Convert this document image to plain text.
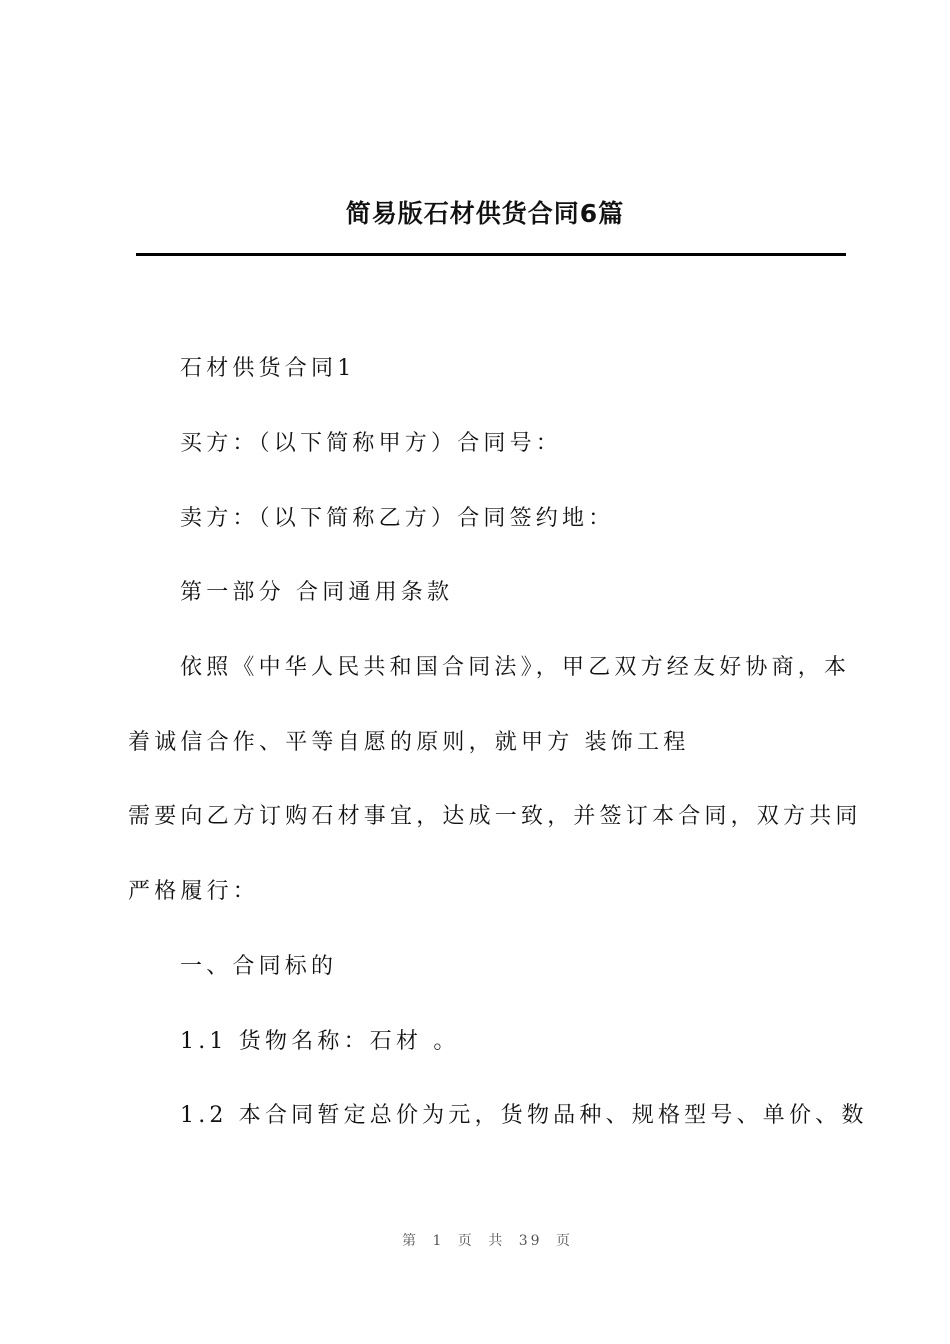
简易版石材供货合同6篇

石材供货合同1

买方：（以下简称甲方）合同号：

卖方：（以下简称乙方）合同签约地：

第一部分 合同通用条款

依照《中华人民共和国合同法》，甲乙双方经友好协商，本

着诚信合作、平等自愿的原则，就甲方 装饰工程

需要向乙方订购石材事宜，达成一致，并签订本合同，双方共同

严格履行：

一、合同标的

1.1 货物名称：石材 。

1.2 本合同暂定总价为元，货物品种、规格型号、单价、数

第 1 页 共 39 页
